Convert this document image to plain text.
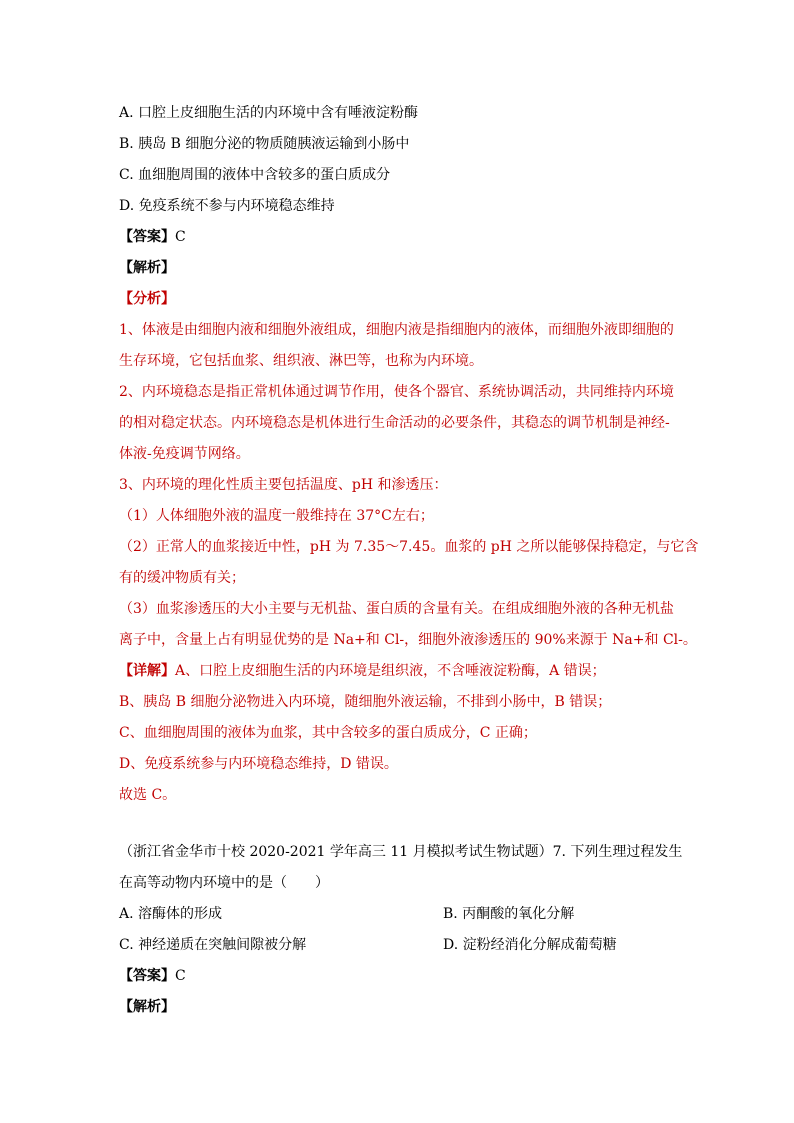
A. 口腔上皮细胞生活的内环境中含有唾液淀粉酶
B. 胰岛 B 细胞分泌的物质随胰液运输到小肠中
C. 血细胞周围的液体中含较多的蛋白质成分
D. 免疫系统不参与内环境稳态维持
【答案】C
【解析】
【分析】
1、体液是由细胞内液和细胞外液组成，细胞内液是指细胞内的液体，而细胞外液即细胞的
生存环境，它包括血浆、组织液、淋巴等，也称为内环境。
2、内环境稳态是指正常机体通过调节作用，使各个器官、系统协调活动，共同维持内环境
的相对稳定状态。内环境稳态是机体进行生命活动的必要条件，其稳态的调节机制是神经-
体液-免疫调节网络。
3、内环境的理化性质主要包括温度、pH 和渗透压：
（1）人体细胞外液的温度一般维持在 37°C左右；
（2）正常人的血浆接近中性，pH 为 7.35～7.45。血浆的 pH 之所以能够保持稳定，与它含
有的缓冲物质有关；
（3）血浆渗透压的大小主要与无机盐、蛋白质的含量有关。在组成细胞外液的各种无机盐
离子中，含量上占有明显优势的是 Na+和 Cl-，细胞外液渗透压的 90%来源于 Na+和 Cl-。
【详解】A、口腔上皮细胞生活的内环境是组织液，不含唾液淀粉酶，A 错误；
B、胰岛 B 细胞分泌物进入内环境，随细胞外液运输，不排到小肠中，B 错误；
C、血细胞周围的液体为血浆，其中含较多的蛋白质成分，C 正确；
D、免疫系统参与内环境稳态维持，D 错误。
故选 C。
（浙江省金华市十校 2020-2021 学年高三 11 月模拟考试生物试题）7. 下列生理过程发生
在高等动物内环境中的是（　　）
A. 溶酶体的形成	B. 丙酮酸的氧化分解
C. 神经递质在突触间隙被分解	D. 淀粉经消化分解成葡萄糖
【答案】C
【解析】
